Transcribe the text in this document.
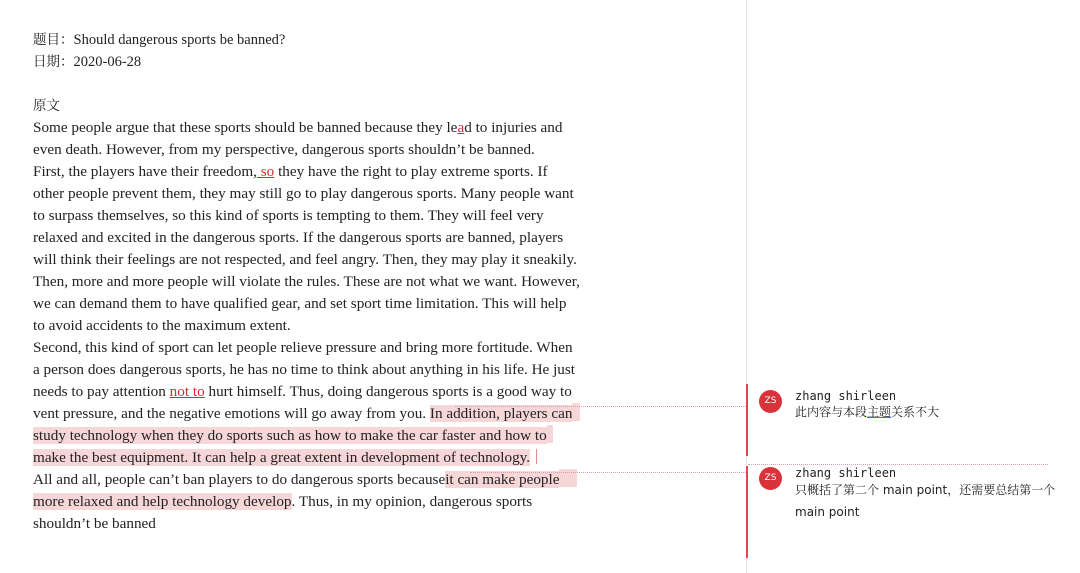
题目：Should dangerous sports be banned?
日期：2020-06-28
原文
Some people argue that these sports should be banned because they lead to injuries and
even death. However, from my perspective, dangerous sports shouldn’t be banned.
First, the players have their freedom, so they have the right to play extreme sports. If
other people prevent them, they may still go to play dangerous sports. Many people want
to surpass themselves, so this kind of sports is tempting to them. They will feel very
relaxed and excited in the dangerous sports. If the dangerous sports are banned, players
will think their feelings are not respected, and feel angry. Then, they may play it sneakily.
Then, more and more people will violate the rules. These are not what we want. However,
we can demand them to have qualified gear, and set sport time limitation. This will help
to avoid accidents to the maximum extent.
Second, this kind of sport can let people relieve pressure and bring more fortitude. When
a person does dangerous sports, he has no time to think about anything in his life. He just
needs to pay attention not to hurt himself. Thus, doing dangerous sports is a good way to
vent pressure, and the negative emotions will go away from you. In addition, players can
study technology when they do sports such as how to make the car faster and how to
make the best equipment. It can help a great extent in development of technology.
All and all, people can’t ban players to do dangerous sports becauseit can make people
more relaxed and help technology develop. Thus, in my opinion, dangerous sports
shouldn’t be banned
ZS	zhang shirleen
此内容与本段主题关系不大
ZS	zhang shirleen
只概括了第二个 main point，还需要总结第一个 main point
